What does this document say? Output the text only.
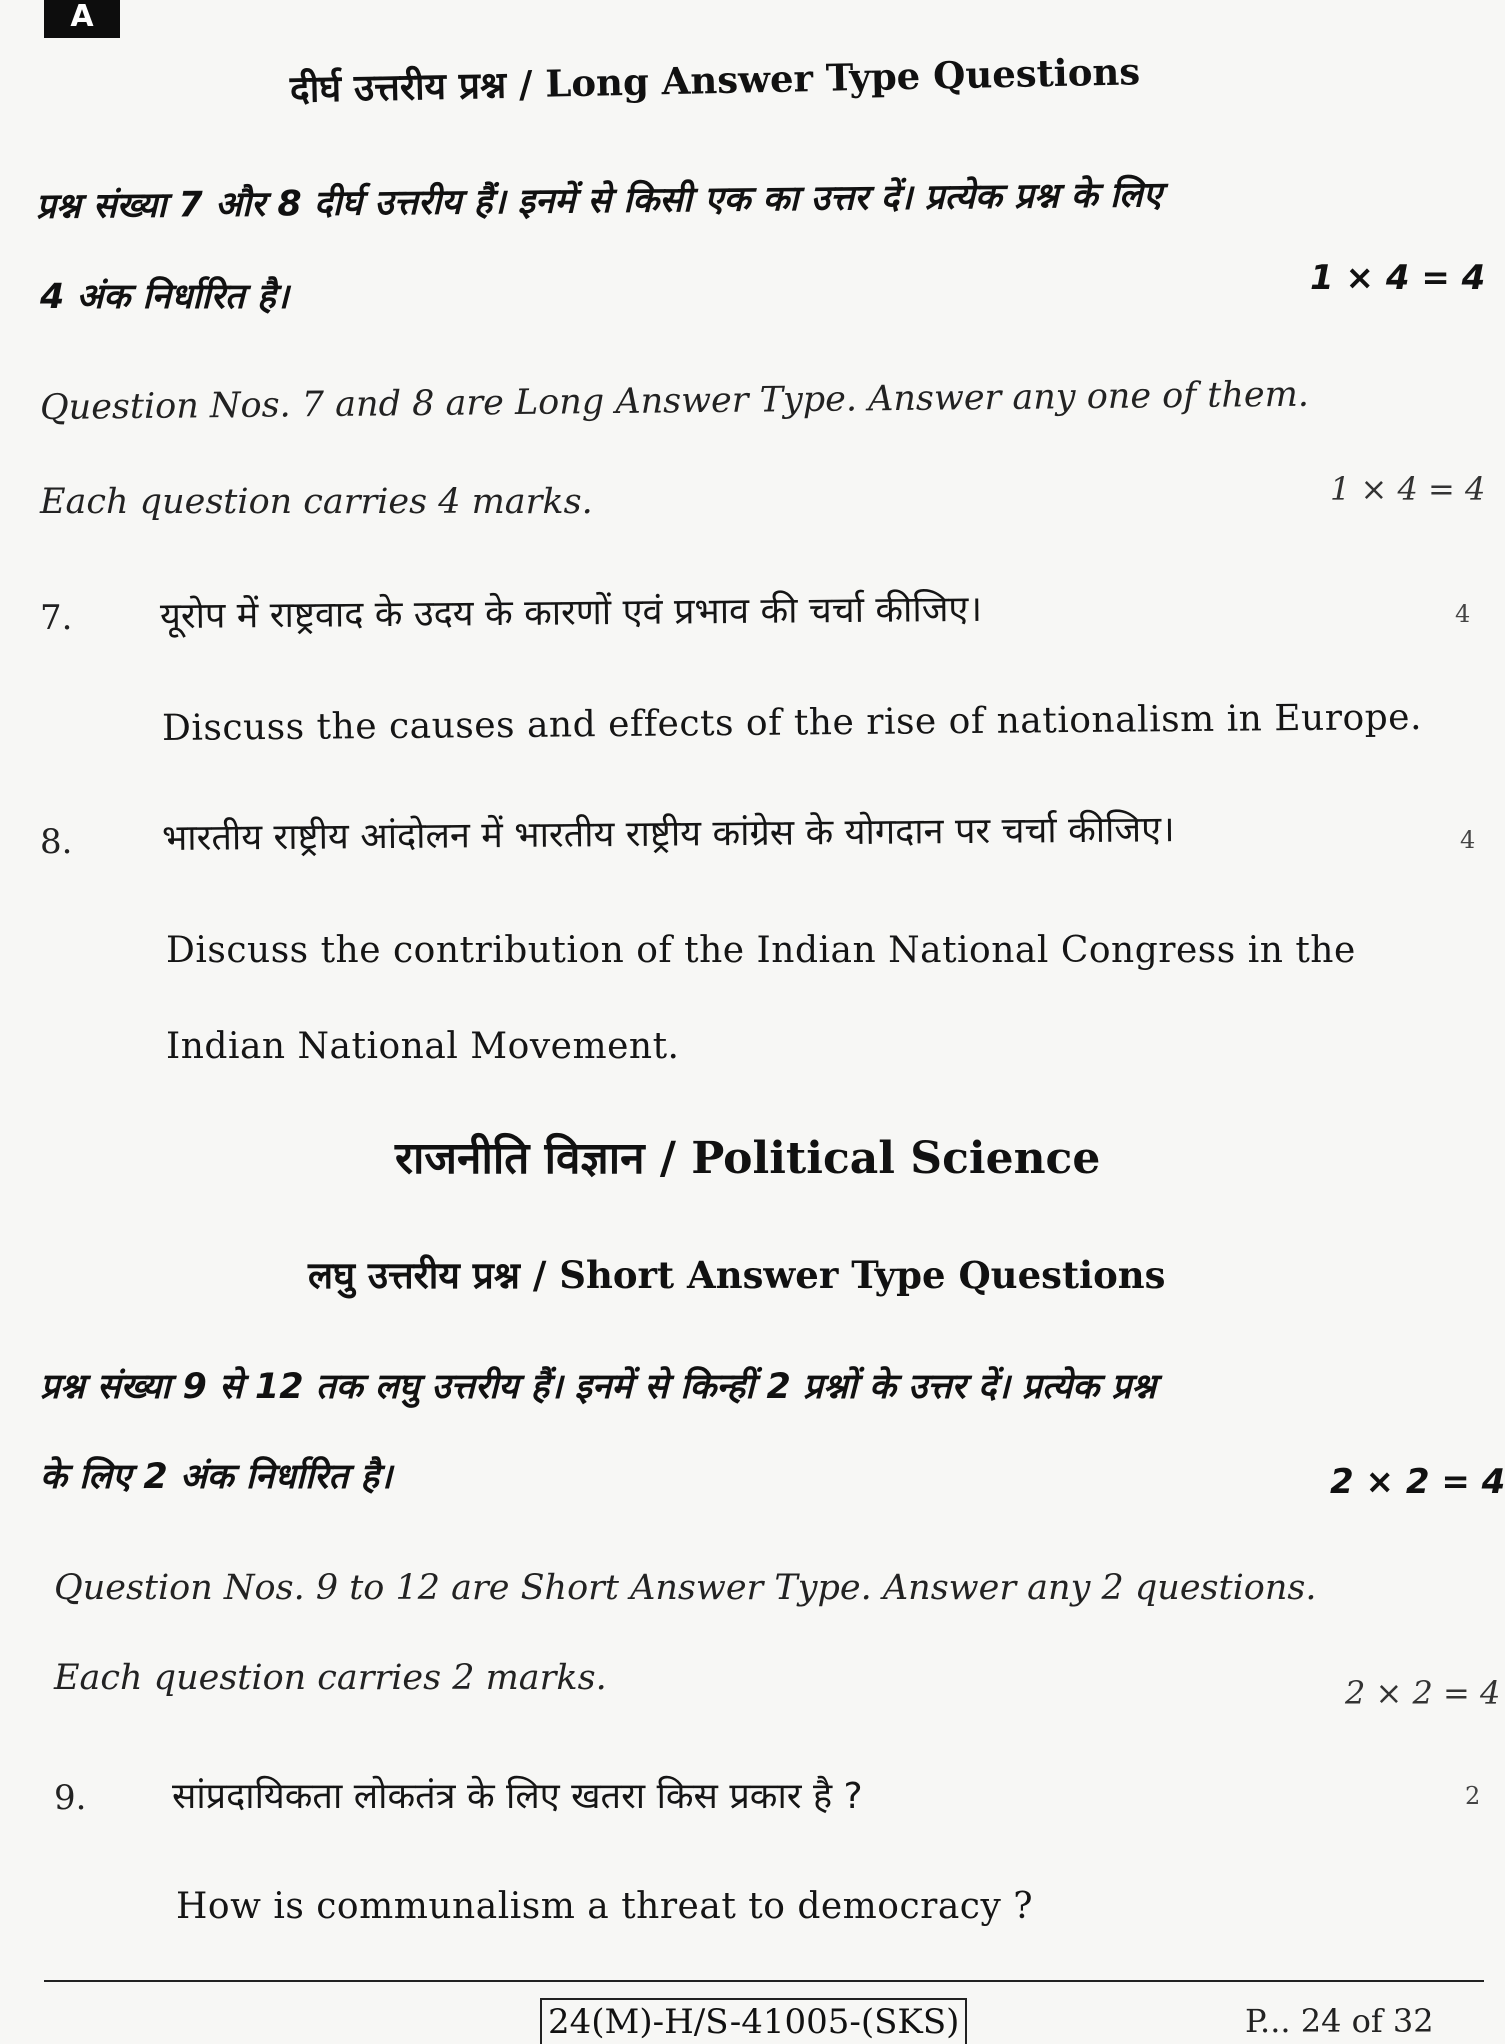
A
दीर्घ उत्तरीय प्रश्न / Long Answer Type Questions
प्रश्न संख्या 7 और 8 दीर्घ उत्तरीय हैं। इनमें से किसी एक का उत्तर दें। प्रत्येक प्रश्न के लिए
4 अंक निर्धारित है।	1 × 4 = 4
Question Nos. 7 and 8 are Long Answer Type. Answer any one of them.
Each question carries 4 marks.	1 × 4 = 4
7. यूरोप में राष्ट्रवाद के उदय के कारणों एवं प्रभाव की चर्चा कीजिए।	4
Discuss the causes and effects of the rise of nationalism in Europe.
8. भारतीय राष्ट्रीय आंदोलन में भारतीय राष्ट्रीय कांग्रेस के योगदान पर चर्चा कीजिए।	4
Discuss the contribution of the Indian National Congress in the
Indian National Movement.
राजनीति विज्ञान / Political Science
लघु उत्तरीय प्रश्न / Short Answer Type Questions
प्रश्न संख्या 9 से 12 तक लघु उत्तरीय हैं। इनमें से किन्हीं 2 प्रश्नों के उत्तर दें। प्रत्येक प्रश्न
के लिए 2 अंक निर्धारित है।	2 × 2 = 4
Question Nos. 9 to 12 are Short Answer Type. Answer any 2 questions.
Each question carries 2 marks.	2 × 2 = 4
9. सांप्रदायिकता लोकतंत्र के लिए खतरा किस प्रकार है ?	2
How is communalism a threat to democracy ?
24(M)-H/S-41005-(SKS)	P... 24 of 32
